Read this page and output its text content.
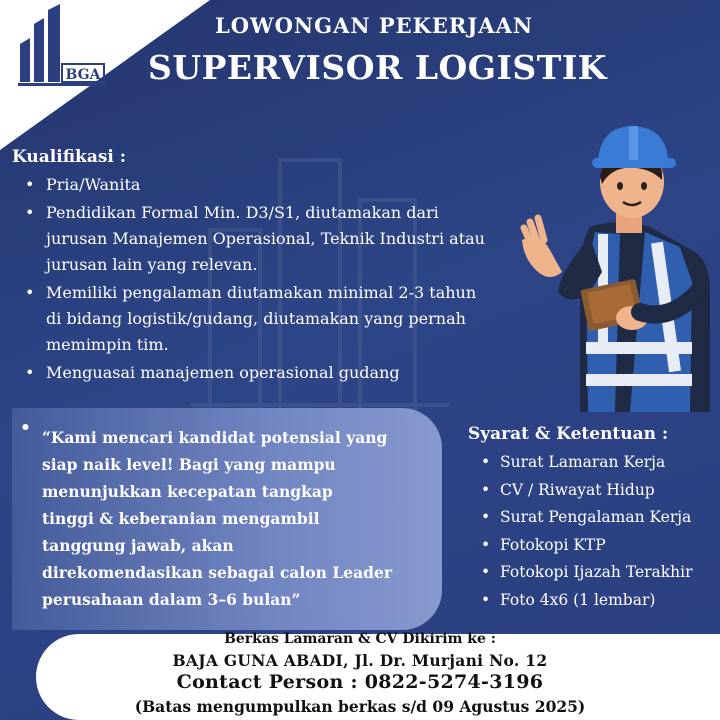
BGA
LOWONGAN PEKERJAAN
SUPERVISOR LOGISTIK
Kualifikasi :
• Pria/Wanita
• Pendidikan Formal Min. D3/S1, diutamakan dari
jurusan Manajemen Operasional, Teknik Industri atau
jurusan lain yang relevan.
• Memiliki pengalaman diutamakan minimal 2-3 tahun
di bidang logistik/gudang, diutamakan yang pernah
memimpin tim.
• Menguasai manajemen operasional gudang
• “Kami mencari kandidat potensial yang
siap naik level! Bagi yang mampu
menunjukkan kecepatan tangkap
tinggi & keberanian mengambil
tanggung jawab, akan
direkomendasikan sebagai calon Leader
perusahaan dalam 3–6 bulan”
Syarat & Ketentuan :
• Surat Lamaran Kerja
• CV / Riwayat Hidup
• Surat Pengalaman Kerja
• Fotokopi KTP
• Fotokopi Ijazah Terakhir
• Foto 4x6 (1 lembar)
Berkas Lamaran & CV Dikirim ke :
BAJA GUNA ABADI, Jl. Dr. Murjani No. 12
Contact Person : 0822-5274-3196
(Batas mengumpulkan berkas s/d 09 Agustus 2025)
